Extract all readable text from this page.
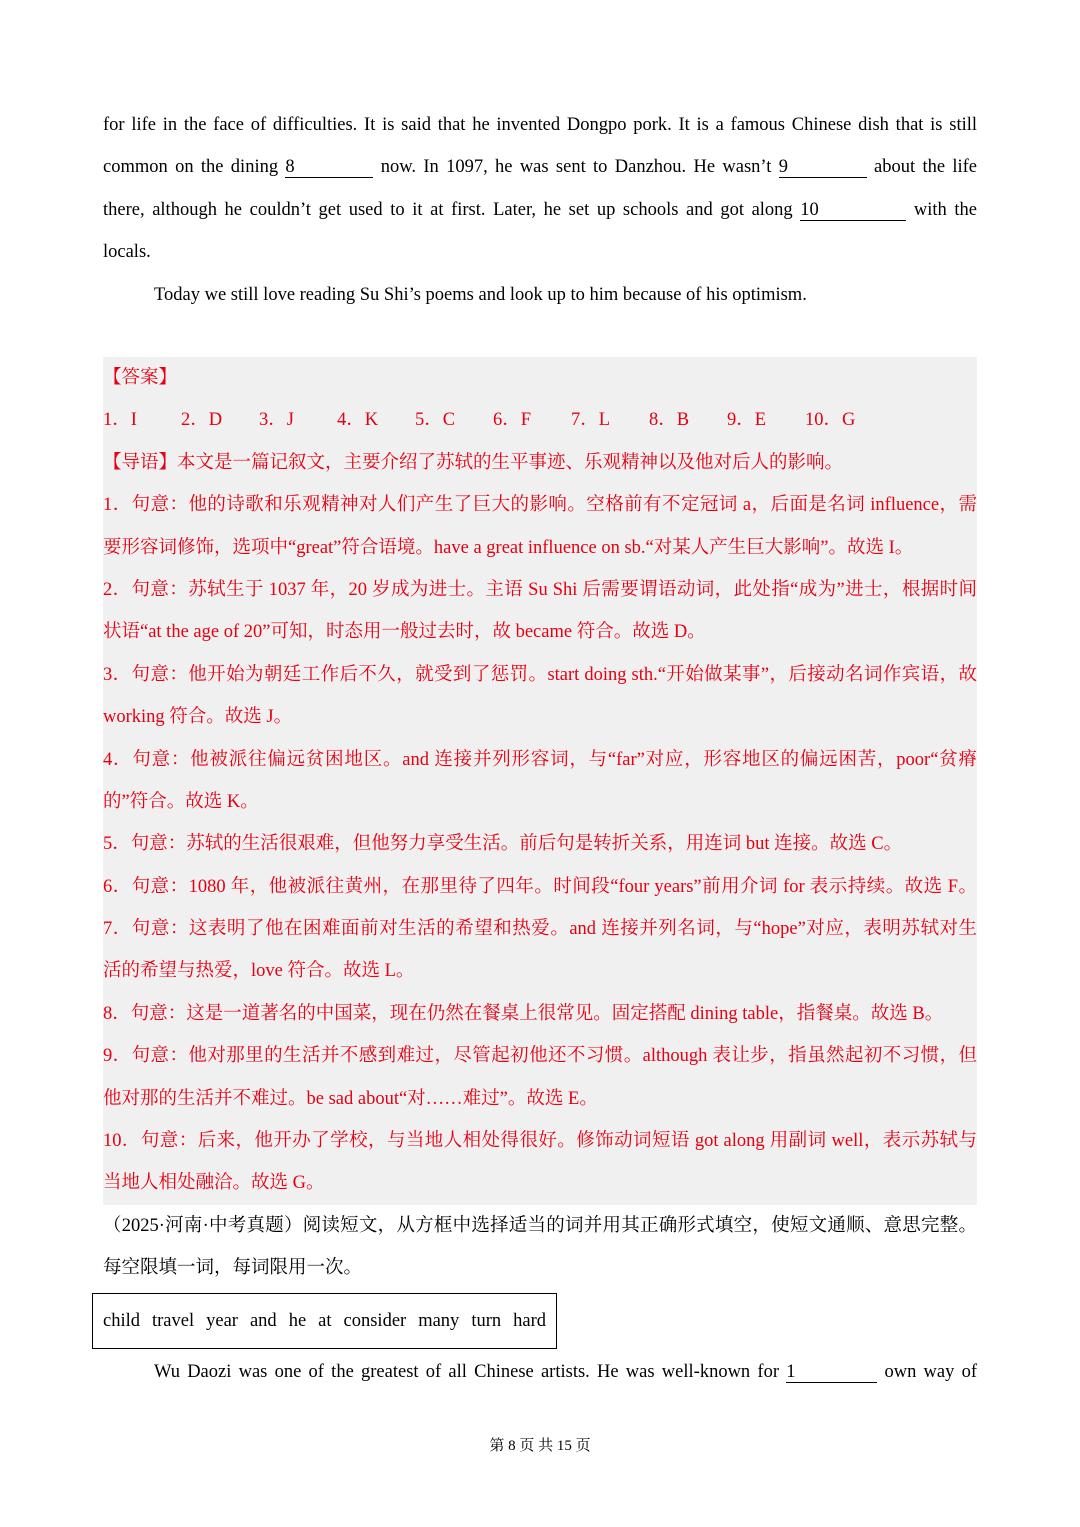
for life in the face of difficulties. It is said that he invented Dongpo pork. It is a famous Chinese dish that is still
common on the dining 8	now. In 1097, he was sent to Danzhou. He wasn’t 9	about the life
there, although he couldn’t get used to it at first. Later, he set up schools and got along 10	with the
locals.
Today we still love reading Su Shi’s poems and look up to him because of his optimism.
【答案】
1．I	2．D	3．J	4．K	5．C	6．F	7．L	8．B	9．E	10．G
【导语】本文是一篇记叙文，主要介绍了苏轼的生平事迹、乐观精神以及他对后人的影响。
1．句意：他的诗歌和乐观精神对人们产生了巨大的影响。空格前有不定冠词 a，后面是名词 influence，需
要形容词修饰，选项中“great”符合语境。have a great influence on sb.“对某人产生巨大影响”。故选 I。
2．句意：苏轼生于 1037 年，20 岁成为进士。主语 Su Shi 后需要谓语动词，此处指“成为”进士，根据时间
状语“at the age of 20”可知，时态用一般过去时，故 became 符合。故选 D。
3．句意：他开始为朝廷工作后不久，就受到了惩罚。start doing sth.“开始做某事”，后接动名词作宾语，故
working 符合。故选 J。
4．句意：他被派往偏远贫困地区。and 连接并列形容词，与“far”对应，形容地区的偏远困苦，poor“贫瘠
的”符合。故选 K。
5．句意：苏轼的生活很艰难，但他努力享受生活。前后句是转折关系，用连词 but 连接。故选 C。
6．句意：1080 年，他被派往黄州，在那里待了四年。时间段“four years”前用介词 for 表示持续。故选 F。
7．句意：这表明了他在困难面前对生活的希望和热爱。and 连接并列名词，与“hope”对应，表明苏轼对生
活的希望与热爱，love 符合。故选 L。
8．句意：这是一道著名的中国菜，现在仍然在餐桌上很常见。固定搭配 dining table，指餐桌。故选 B。
9．句意：他对那里的生活并不感到难过，尽管起初他还不习惯。although 表让步，指虽然起初不习惯，但
他对那的生活并不难过。be sad about“对……难过”。故选 E。
10．句意：后来，他开办了学校，与当地人相处得很好。修饰动词短语 got along 用副词 well，表示苏轼与
当地人相处融洽。故选 G。
（2025·河南·中考真题）阅读短文，从方框中选择适当的词并用其正确形式填空，使短文通顺、意思完整。
每空限填一词，每词限用一次。
child travel year and he at consider many turn hard
Wu Daozi was one of the greatest of all Chinese artists. He was well-known for 1	own way of
第 8 页 共 15 页
